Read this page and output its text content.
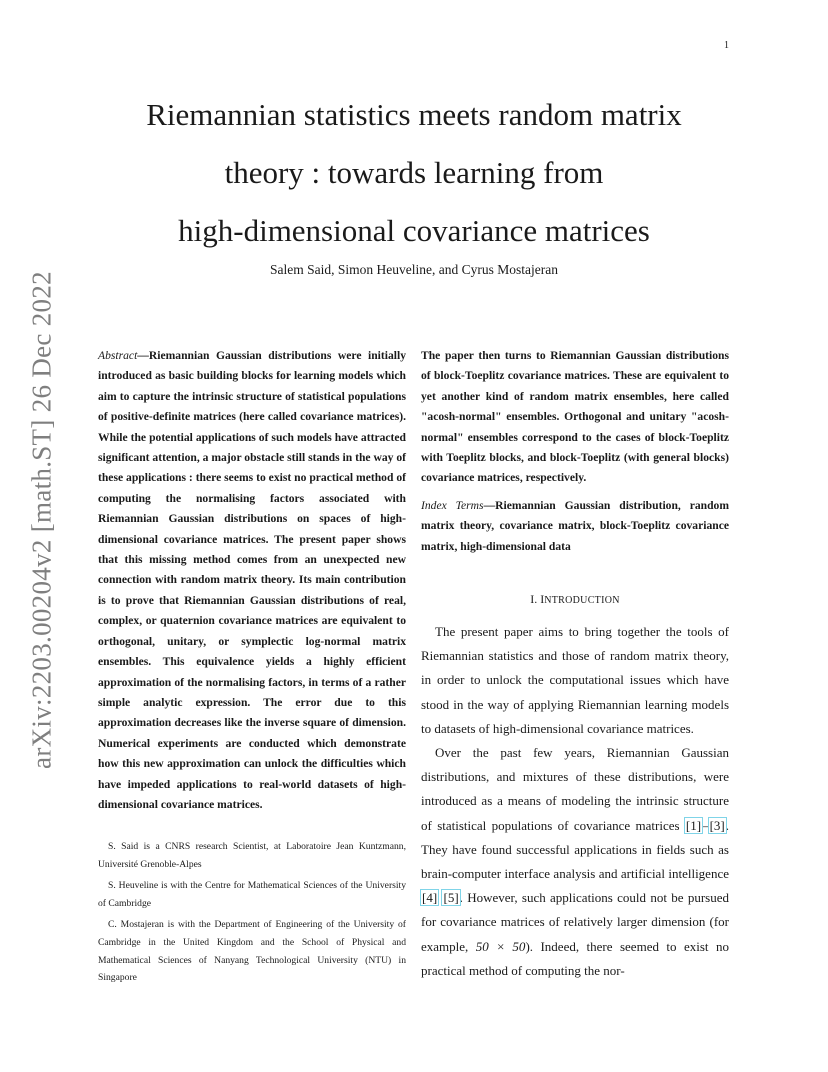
1
arXiv:2203.00204v2 [math.ST] 26 Dec 2022
Riemannian statistics meets random matrix
theory : towards learning from
high-dimensional covariance matrices
Salem Said, Simon Heuveline, and Cyrus Mostajeran

Abstract—Riemannian Gaussian distributions were initially introduced as basic building blocks for learning models which aim to capture the intrinsic structure of statistical populations of positive-definite matrices (here called covariance matrices). While the potential applications of such models have attracted significant attention, a major obstacle still stands in the way of these applications : there seems to exist no practical method of computing the normalising factors associated with Riemannian Gaussian distributions on spaces of high-dimensional covariance matrices. The present paper shows that this missing method comes from an unexpected new connection with random matrix theory. Its main contribution is to prove that Riemannian Gaussian distributions of real, complex, or quaternion covariance matrices are equivalent to orthogonal, unitary, or symplectic log-normal matrix ensembles. This equivalence yields a highly efficient approximation of the normalising factors, in terms of a rather simple analytic expression. The error due to this approximation decreases like the inverse square of dimension. Numerical experiments are conducted which demonstrate how this new approximation can unlock the difficulties which have impeded applications to real-world datasets of high-dimensional covariance matrices.

The paper then turns to Riemannian Gaussian distributions of block-Toeplitz covariance matrices. These are equivalent to yet another kind of random matrix ensembles, here called "acosh-normal" ensembles. Orthogonal and unitary "acosh-normal" ensembles correspond to the cases of block-Toeplitz with Toeplitz blocks, and block-Toeplitz (with general blocks) covariance matrices, respectively.

Index Terms—Riemannian Gaussian distribution, random matrix theory, covariance matrix, block-Toeplitz covariance matrix, high-dimensional data

I. INTRODUCTION

The present paper aims to bring together the tools of Riemannian statistics and those of random matrix theory, in order to unlock the computational issues which have stood in the way of applying Riemannian learning models to datasets of high-dimensional covariance matrices.

Over the past few years, Riemannian Gaussian distributions, and mixtures of these distributions, were introduced as a means of modeling the intrinsic structure of statistical populations of covariance matrices [1]–[3]. They have found successful applications in fields such as brain-computer interface analysis and artificial intelligence [4] [5]. However, such applications could not be pursued for covariance matrices of relatively larger dimension (for example, 50 × 50). Indeed, there seemed to exist no practical method of computing the nor-

S. Said is a CNRS research Scientist, at Laboratoire Jean Kuntzmann, Université Grenoble-Alpes

S. Heuveline is with the Centre for Mathematical Sciences of the University of Cambridge

C. Mostajeran is with the Department of Engineering of the University of Cambridge in the United Kingdom and the School of Physical and Mathematical Sciences of Nanyang Technological University (NTU) in Singapore
